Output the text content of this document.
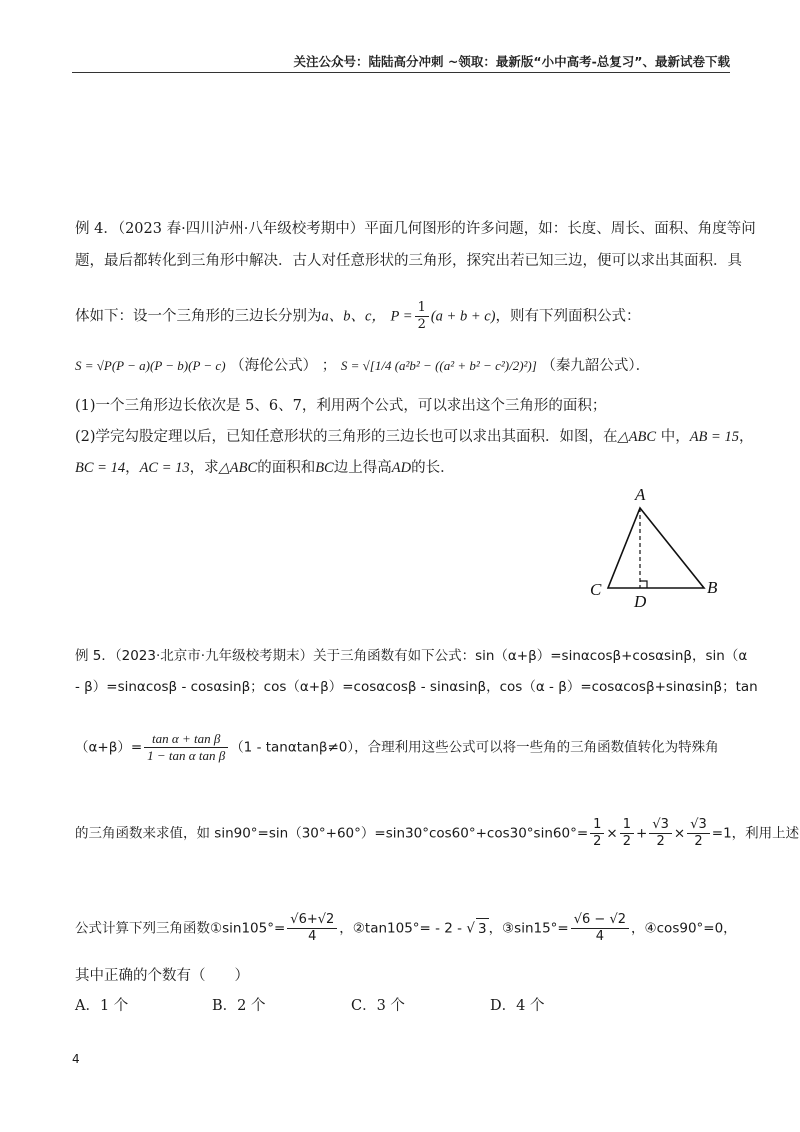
关注公众号：陆陆高分冲刺 ~领取：最新版“小中高考-总复习”、最新试卷下载
例 4．（2023 春·四川泸州·八年级校考期中）平面几何图形的许多问题，如：长度、周长、面积、角度等问
题，最后都转化到三角形中解决．古人对任意形状的三角形，探究出若已知三边，便可以求出其面积．具
体如下：设一个三角形的三边长分别为a、b、c， $P = \frac{1}{2} (a + b + c)$，则有下列面积公式：
S = √P(P − a)(P − b)(P − c) （海伦公式） ； S = √[1/4 (a²b² − ((a² + b² − c²)/2)²)] （秦九韶公式）．
(1)一个三角形边长依次是 5、6、7，利用两个公式，可以求出这个三角形的面积；
(2)学完勾股定理以后，已知任意形状的三角形的三边长也可以求出其面积．如图，在△ABC 中，AB = 15，
BC = 14，AC = 13，求△ABC的面积和BC边上得高AD的长．
A
B
C
D
例 5．（2023·北京市·九年级校考期末）关于三角函数有如下公式：sin（α+β）=sinαcosβ+cosαsinβ，sin（α
- β）=sinαcosβ - cosαsinβ；cos（α+β）=cosαcosβ - sinαsinβ，cos（α - β）=cosαcosβ+sinαsinβ；tan
$(\alpha+\beta)= \frac{\text{tan α + tan β}}{\text{1 − tan α tan β}} (1 - \tan\alpha\tan\beta\ne 0)$，合理利用这些公式可以将一些角的三角函数值转化为特殊角
的三角函数来求值，如 $\sin 90^\circ=\sin(30^\circ+60^\circ)=\sin 30^\circ\cos 60^\circ+\cos 30^\circ\sin 60^\circ= \frac{1}{2} \times \frac{1}{2} + \frac{√3}{2} \times \frac{√3}{2} =1$，利用上述
公式计算下列三角函数①sin105°= $\frac{√6+√2}{4}$ ，②tan105°= - 2 - √ 3 ，③sin15°= $\frac{√6 - √2}{4}$ ，④cos90°=0，
其中正确的个数有（　　）
A．1 个	B．2 个	C．3 个	D．4 个
4
